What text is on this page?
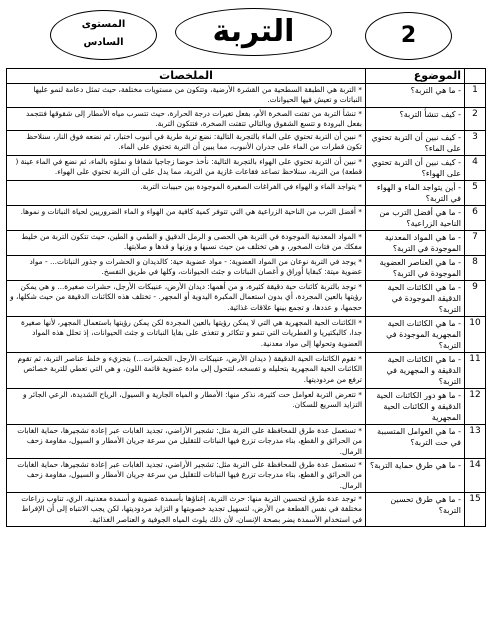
المستوى
السادس	التربة	2
	الموضوع	الملخصات
1	- ما هي التربة؟	* التربة هي الطبقة السطحية من القشرة الأرضية، وتتكون من مستويات مختلفة، حيث تمثل دعامة لنمو عليها النباتات و تعيش فيها الحيوانات.
2	- كيف تنشأ التربة؟	* تنشأ التربة من تفتت الصخرة الأم، بفعل تغيرات درجة الحرارة، حيث تتسرب مياه الأمطار إلى شقوقها فتتجمد بفعل البرودة و تتسع الشقوق وبالتالي تتفتت الصخرة، فتتكون التربة.
3	- كيف نبين أن التربة تحتوي على الماء؟	* نبين أن التربة تحتوي على الماء بالتجربة التالية: نضع تربة طرية في أنبوب اختبار، ثم نضعه فوق النار، سنلاحظ تكون قطرات من الماء على جدران الأنبوب، مما يبين أن التربة تحتوي على الماء.
4	- كيف نبين أن التربة تحتوي على الهواء؟	* نبين أن التربة تحتوي على الهواء بالتجربة التالية: نأخذ حوضا زجاجيا شفافا و نملؤه بالماء، ثم نضع في الماء عينة ( قطعة) من التربة، سنلاحظ تصاعد فقاعات غازية من التربة، مما يدل على أن التربة تحتوي على الهواء.
5	- أين يتواجد الماء و الهواء في التربة؟	* يتواجد الماء و الهواء في الفراغات الصغيرة الموجودة بين حبيبات التربة.
6	- ما هي أفضل الترب من الناحية الزراعية؟	* أفضل الترب من الناحية الزراعية هي التي تتوفر كمية كافية من الهواء و الماء الضروريين لحياة النباتات و نموها.
7	- ما هي المواد المعدنية الموجودة في التربة؟	* المواد المعدنية الموجودة في التربة هي الحصى و الرمل الدقيق و الطمي و الطين، حيث تتكون التربة من خليط مفكك من فتات الصخور، و هي تختلف من حيث نسبها و وزنها و قدها و صلابتها.
8	- ما هي العناصر العضوية الموجودة في التربة؟	* يوجد في التربة نوعان من المواد العضوية: - مواد عضوية حية: كالديدان و الحشرات و جذور النباتات... - مواد عضوية ميتة: كبقايا أوراق و أغصان النباتات و جثث الحيوانات، وكلها في طريق التفسخ.
9	- ما هي الكائنات الحية الدقيقة الموجودة في التربة؟	* توجد بالتربة كائنات حية دقيقة كثيرة، و من أهمها: ديدان الأرض، عنيبكات الأرجل، حشرات صغيرة... و هي يمكن رؤيتها بالعين المجردة، أي بدون استعمال المكبرة اليدوية أو المجهر. - تختلف هذه الكائنات الدقيقة من حيث شكلها، و حجمها، و عددها، و تجمع بينها علاقات غذائية.
10	- ما هي الكائنات الحية المجهرية الموجودة في التربة؟	* الكائنات الحية المجهرية هي التي لا يمكن رؤيتها بالعين المجردة لكن يمكن رؤيتها باستعمال المجهر، لأنها صغيرة جدا، كالبكتيريا و الفطريات التي تنمو و تتكاثر و تتغذى على بقايا النباتات و جثث الحيوانات، إذ تحلل هذه المواد العضوية وتحولها إلى مواد معدنية.
11	- ما هي الكائنات الحية الدقيقة و المجهرية في التربة؟	* تقوم الكائنات الحية الدقيقة ( ديدان الأرض، عنيبكات الأرجل، الحشرات...) بتجزيء و خلط عناصر التربة، ثم تقوم الكائنات الحية المجهرية بتحليله و تفسخه، لتتحول إلى مادة عضوية قاتمة اللون، و هي التي تعطي للتربة خصائص ترفع من مردوديتها.
12	- ما هو دور الكائنات الحية الدقيقة و الكائنات الحية المجهرية	* تتعرض التربة لعوامل حت كثيرة، نذكر منها: الأمطار و المياه الجارية و السيول، الرياح الشديدة، الرعي الجائر و التزايد السريع للسكان.
13	- ما هي العوامل المتسببة في حت التربة؟	* تستعمل عدة طرق للمحافظة على التربة مثل: تشجير الأراضي، تجديد الغابات عبر إعادة تشجيرها، حماية الغابات من الحرائق و القطع، بناء مدرجات تزرع فيها النباتات للتقليل من سرعة جريان الأمطار و السيول، مقاومة زحف الرمال.
14	- ما هي طرق حماية التربة؟	* تستعمل عدة طرق للمحافظة على التربة مثل: تشجير الأراضي، تجديد الغابات عبر إعادة تشجيرها، حماية الغابات من الحرائق و القطع، بناء مدرجات تزرع فيها النباتات للتقليل من سرعة جريان الأمطار و السيول، مقاومة زحف الرمال.
15	- ما هي طرق تحسين التربة؟	* توجد عدة طرق لتحسين التربة منها: حرث التربة، إغناؤها بأسمدة عضوية و أسمدة معدنية، الري، تناوب زراعات مختلفة في نفس القطعة من الأرض، لتسهيل تجديد خصوبتها و التزايد مردوديتها، لكن يجب الانتباه إلى أن الإفراط في استخدام الأسمدة يضر بصحة الإنسان، لأن ذلك يلوث المياه الجوفية و العناصر الغذائية.
